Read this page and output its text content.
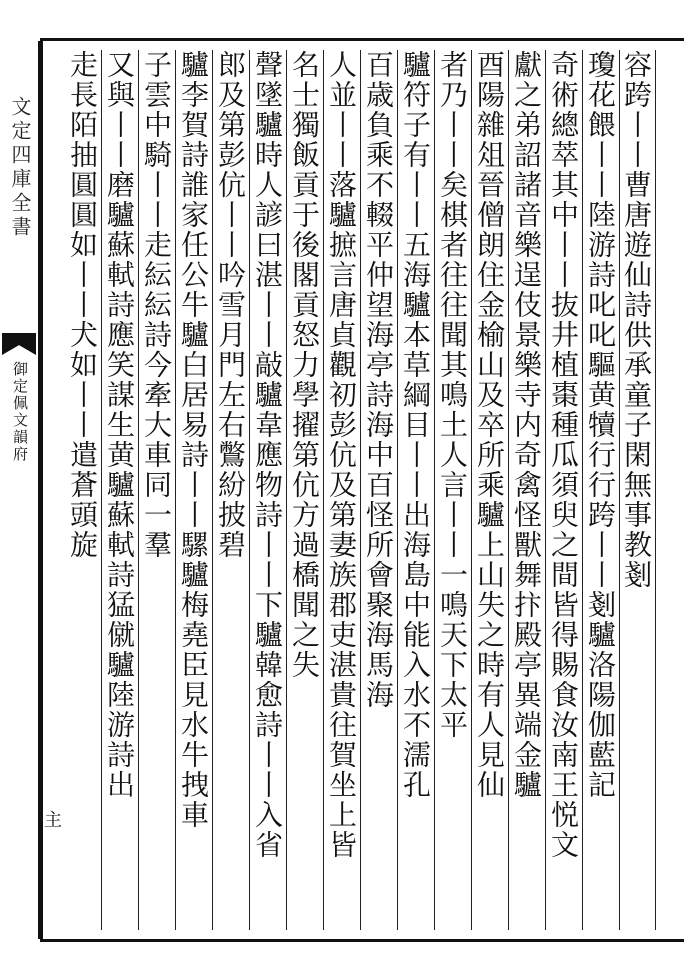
文定四庫全書
御定佩文韻府
主
容跨丨丨曹唐遊仙詩供承童子閑無事教剗
瓊花餵丨丨陸游詩叱叱驅黄犢行行跨丨丨剗驢洛陽伽藍記
奇術總萃其中丨丨抜井植棗種瓜須臾之間皆得賜食汝南王悦文
獻之弟詔諸音樂逞伎景樂寺内奇禽怪獸舞抃殿亭異端金驢
酉陽雜俎晉僧朗住金榆山及卒所乘驢上山失之時有人見仙
者乃丨丨矣棋者往往聞其鳴土人言丨丨一鳴天下太平
驢符子有丨丨五海驢本草綱目丨丨出海島中能入水不濡孔
百歳負乘不輟平仲望海亭詩海中百怪所會聚海馬海
人並丨丨落驢摭言唐貞觀初彭伉及第妻族郡吏湛貴往賀坐上皆
名士獨飯貢于後閣貢怒力學擢第伉方過橋聞之失
聲墜驢時人諺曰湛丨丨敲驢韋應物詩丨丨下驢韓愈詩丨丨入省
郎及第彭伉丨丨吟雪月門左右鷩紛披碧
驢李賀詩誰家任公牛驢白居易詩丨丨騾驢梅堯臣見水牛拽車
子雲中騎丨丨走紜紜詩今牽大車同一羣
又與丨丨磨驢蘇軾詩應笑謀生黄驢蘇軾詩猛僦驢陸游詩出
走長陌抽圓圓如丨丨犬如丨丨遣蒼頭旋
